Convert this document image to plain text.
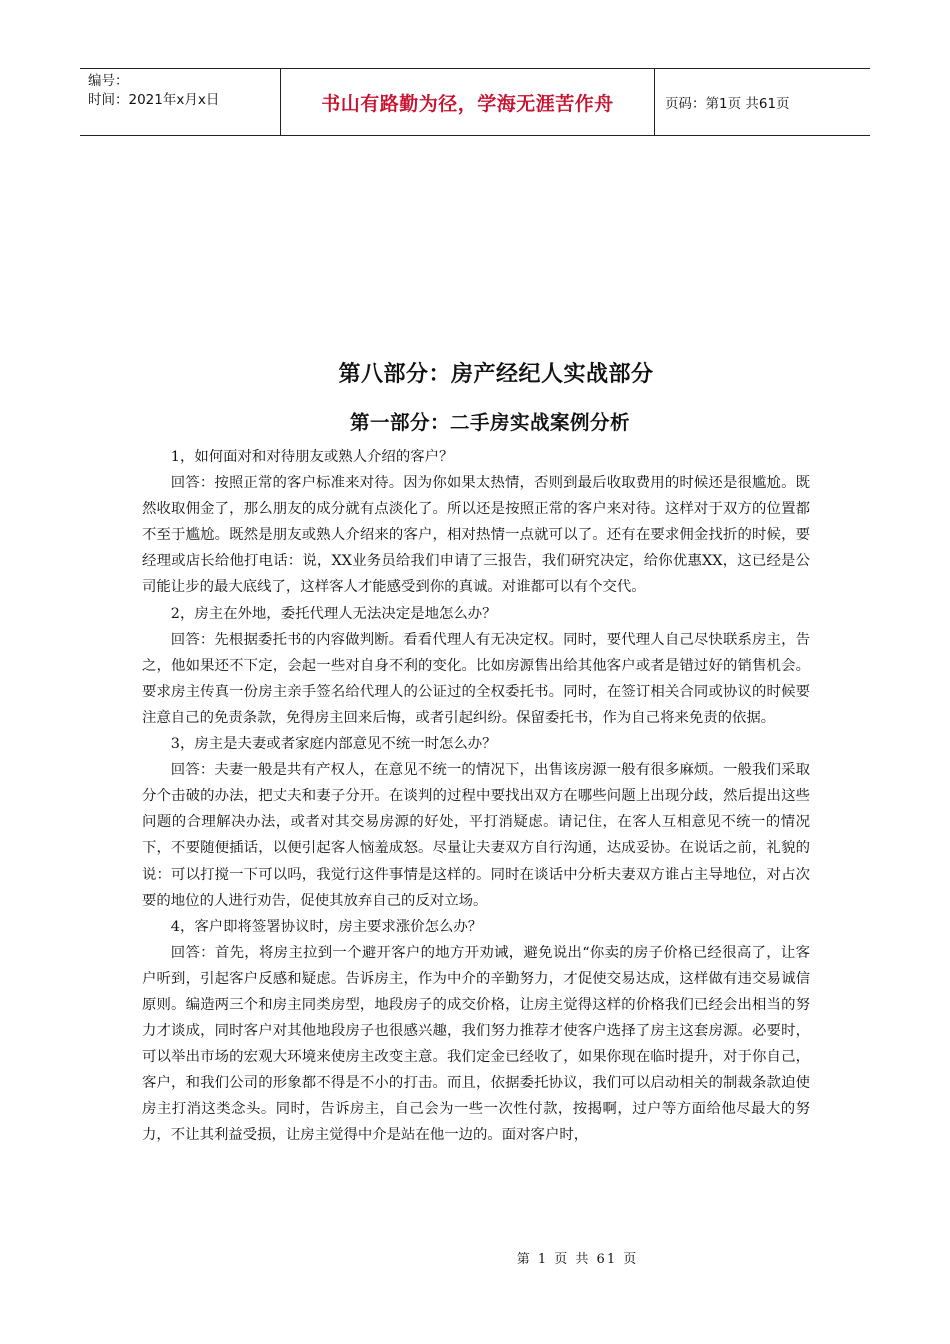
编号：
时间：2021年x月x日	书山有路勤为径，学海无涯苦作舟	页码：第1页 共61页
第八部分：房产经纪人实战部分
第一部分：二手房实战案例分析

1，如何面对和对待朋友或熟人介绍的客户？

回答：按照正常的客户标准来对待。因为你如果太热情，否则到最后收取费用的时候还是很尴尬。既然收取佣金了，那么朋友的成分就有点淡化了。所以还是按照正常的客户来对待。这样对于双方的位置都不至于尴尬。既然是朋友或熟人介绍来的客户，相对热情一点就可以了。还有在要求佣金找折的时候，要经理或店长给他打电话：说，XX业务员给我们申请了三报告，我们研究决定，给你优惠XX，这已经是公司能让步的最大底线了，这样客人才能感受到你的真诚。对谁都可以有个交代。

2，房主在外地，委托代理人无法决定是地怎么办？

回答：先根据委托书的内容做判断。看看代理人有无决定权。同时，要代理人自己尽快联系房主，告之，他如果还不下定，会起一些对自身不利的变化。比如房源售出给其他客户或者是错过好的销售机会。 要求房主传真一份房主亲手签名给代理人的公证过的全权委托书。同时，在签订相关合同或协议的时候要注意自己的免责条款，免得房主回来后悔，或者引起纠纷。保留委托书，作为自己将来免责的依据。

3，房主是夫妻或者家庭内部意见不统一时怎么办？

回答：夫妻一般是共有产权人，在意见不统一的情况下，出售该房源一般有很多麻烦。一般我们采取分个击破的办法，把丈夫和妻子分开。在谈判的过程中要找出双方在哪些问题上出现分歧，然后提出这些问题的合理解决办法，或者对其交易房源的好处，平打消疑虑。请记住，在客人互相意见不统一的情况下，不要随便插话，以便引起客人恼羞成怒。尽量让夫妻双方自行沟通，达成妥协。在说话之前，礼貌的说：可以打搅一下可以吗，我觉行这件事情是这样的。同时在谈话中分析夫妻双方谁占主导地位，对占次要的地位的人进行劝告，促使其放弃自己的反对立场。

4，客户即将签署协议时，房主要求涨价怎么办？

回答：首先，将房主拉到一个避开客户的地方开劝诫，避免说出“你卖的房子价格已经很高了，让客户听到，引起客户反感和疑虑。告诉房主，作为中介的辛勤努力，才促使交易达成，这样做有违交易诚信原则。编造两三个和房主同类房型，地段房子的成交价格，让房主觉得这样的价格我们已经会出相当的努力才谈成，同时客户对其他地段房子也很感兴趣，我们努力推荐才使客户选择了房主这套房源。必要时，可以举出市场的宏观大环境来使房主改变主意。我们定金已经收了，如果你现在临时提升，对于你自己，客户，和我们公司的形象都不得是不小的打击。而且，依据委托协议，我们可以启动相关的制裁条款迫使房主打消这类念头。同时，告诉房主，自己会为一些一次性付款，按揭啊，过户等方面给他尽最大的努力，不让其利益受损，让房主觉得中介是站在他一边的。面对客户时，

第 1 页 共 61 页
